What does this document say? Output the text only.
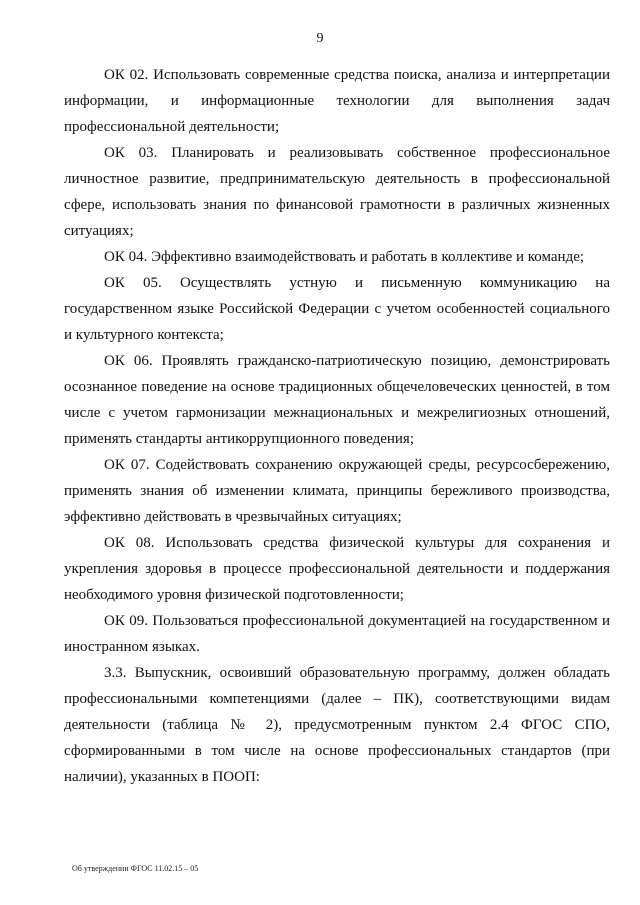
9

ОК 02. Использовать современные средства поиска, анализа и интерпретации информации, и информационные технологии для выполнения задач профессиональной деятельности;

ОК 03. Планировать и реализовывать собственное профессиональное личностное развитие, предпринимательскую деятельность в профессиональной сфере, использовать знания по финансовой грамотности в различных жизненных ситуациях;

ОК 04. Эффективно взаимодействовать и работать в коллективе и команде;

ОК 05. Осуществлять устную и письменную коммуникацию на государственном языке Российской Федерации с учетом особенностей социального и культурного контекста;

ОК 06. Проявлять гражданско-патриотическую позицию, демонстрировать осознанное поведение на основе традиционных общечеловеческих ценностей, в том числе с учетом гармонизации межнациональных и межрелигиозных отношений, применять стандарты антикоррупционного поведения;

ОК 07. Содействовать сохранению окружающей среды, ресурсосбережению, применять знания об изменении климата, принципы бережливого производства, эффективно действовать в чрезвычайных ситуациях;

ОК 08. Использовать средства физической культуры для сохранения и укрепления здоровья в процессе профессиональной деятельности и поддержания необходимого уровня физической подготовленности;

ОК 09. Пользоваться профессиональной документацией на государственном и иностранном языках.

3.3. Выпускник, освоивший образовательную программу, должен обладать профессиональными компетенциями (далее – ПК), соответствующими видам деятельности (таблица № 2), предусмотренным пунктом 2.4 ФГОС СПО, сформированными в том числе на основе профессиональных стандартов (при наличии), указанных в ПООП:

Об утверждении ФГОС 11.02.15 – 05
